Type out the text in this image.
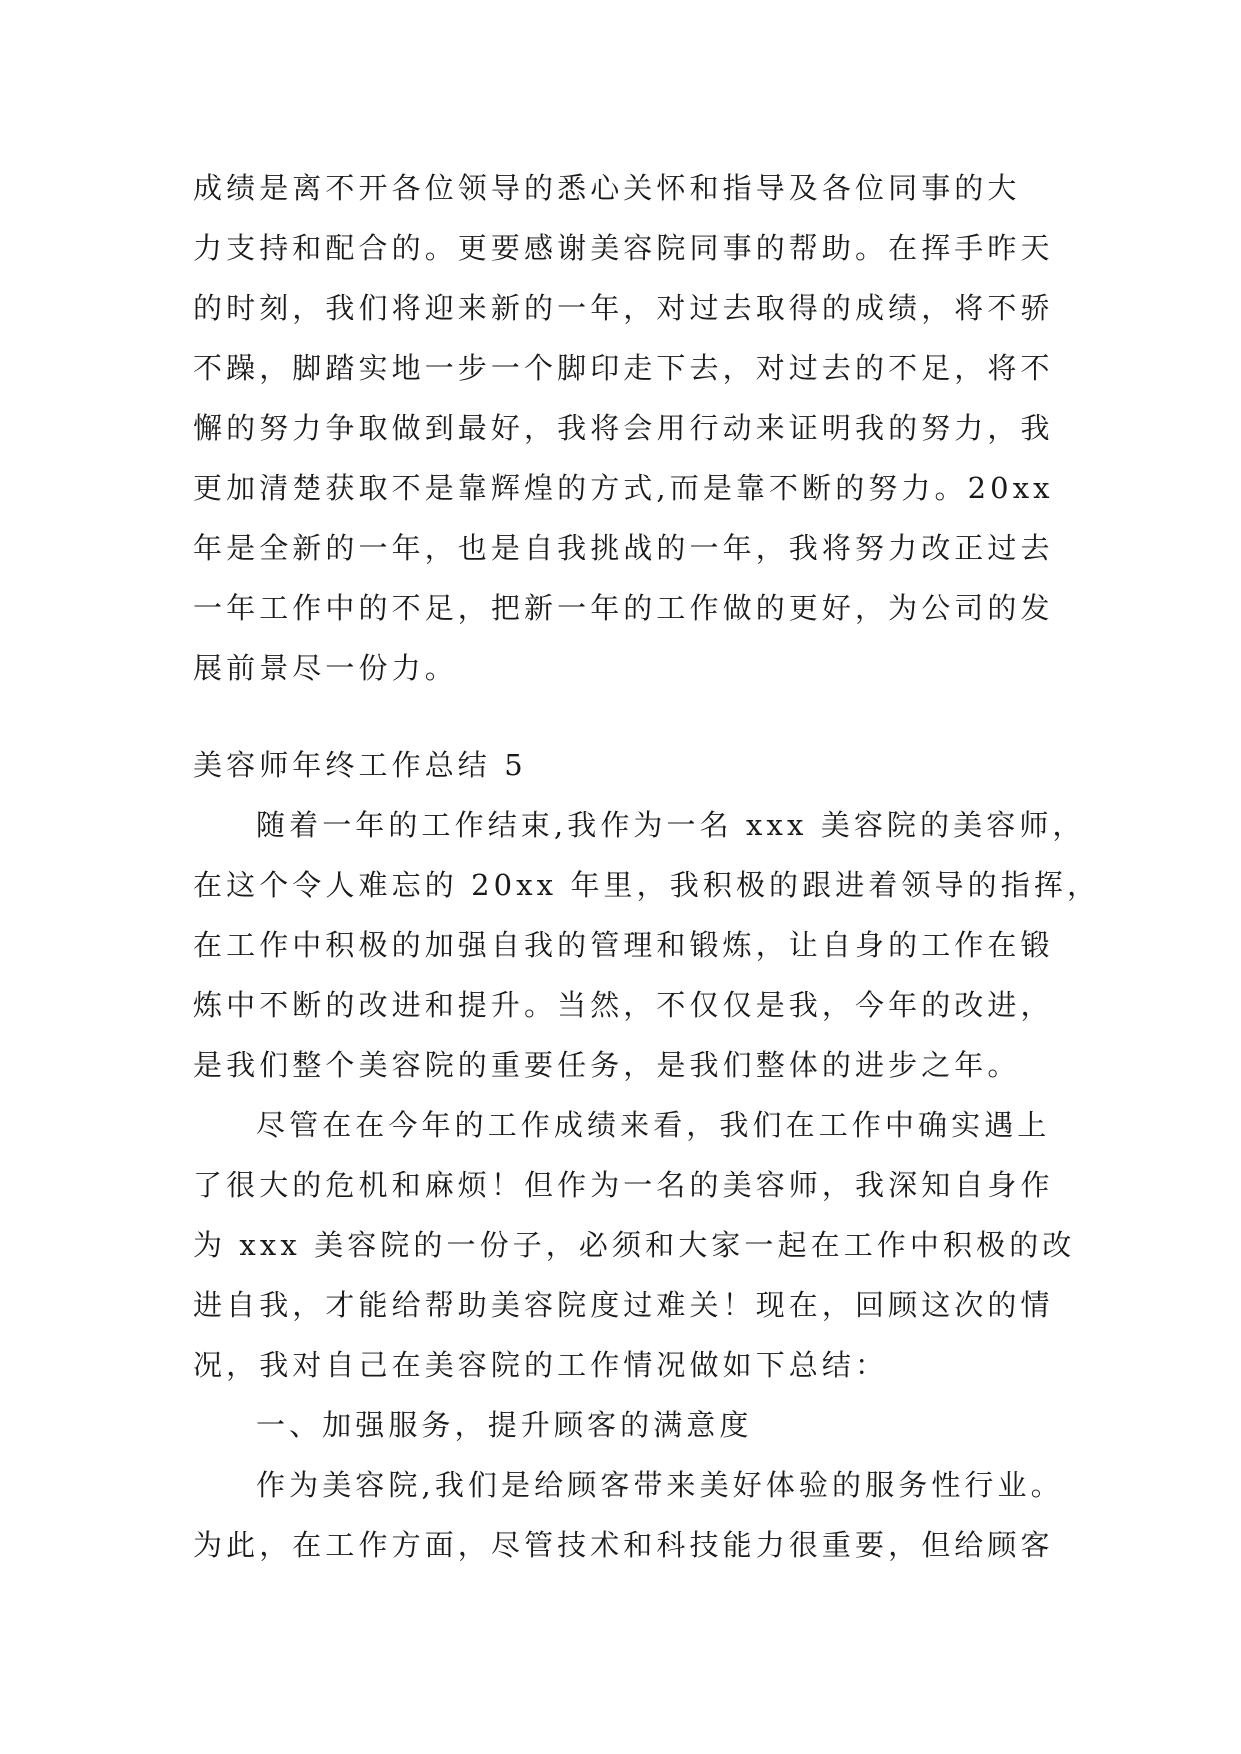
成绩是离不开各位领导的悉心关怀和指导及各位同事的大
力支持和配合的。更要感谢美容院同事的帮助。在挥手昨天
的时刻，我们将迎来新的一年，对过去取得的成绩，将不骄
不躁，脚踏实地一步一个脚印走下去，对过去的不足，将不
懈的努力争取做到最好，我将会用行动来证明我的努力，我
更加清楚获取不是靠辉煌的方式,而是靠不断的努力。20xx
年是全新的一年，也是自我挑战的一年，我将努力改正过去
一年工作中的不足，把新一年的工作做的更好，为公司的发
展前景尽一份力。
美容师年终工作总结 5
随着一年的工作结束,我作为一名 xxx 美容院的美容师，
在这个令人难忘的 20xx 年里，我积极的跟进着领导的指挥，
在工作中积极的加强自我的管理和锻炼，让自身的工作在锻
炼中不断的改进和提升。当然，不仅仅是我，今年的改进，
是我们整个美容院的重要任务，是我们整体的进步之年。
尽管在在今年的工作成绩来看，我们在工作中确实遇上
了很大的危机和麻烦！但作为一名的美容师，我深知自身作
为 xxx 美容院的一份子，必须和大家一起在工作中积极的改
进自我，才能给帮助美容院度过难关！现在，回顾这次的情
况，我对自己在美容院的工作情况做如下总结：
一、加强服务，提升顾客的满意度
作为美容院,我们是给顾客带来美好体验的服务性行业。
为此，在工作方面，尽管技术和科技能力很重要，但给顾客
